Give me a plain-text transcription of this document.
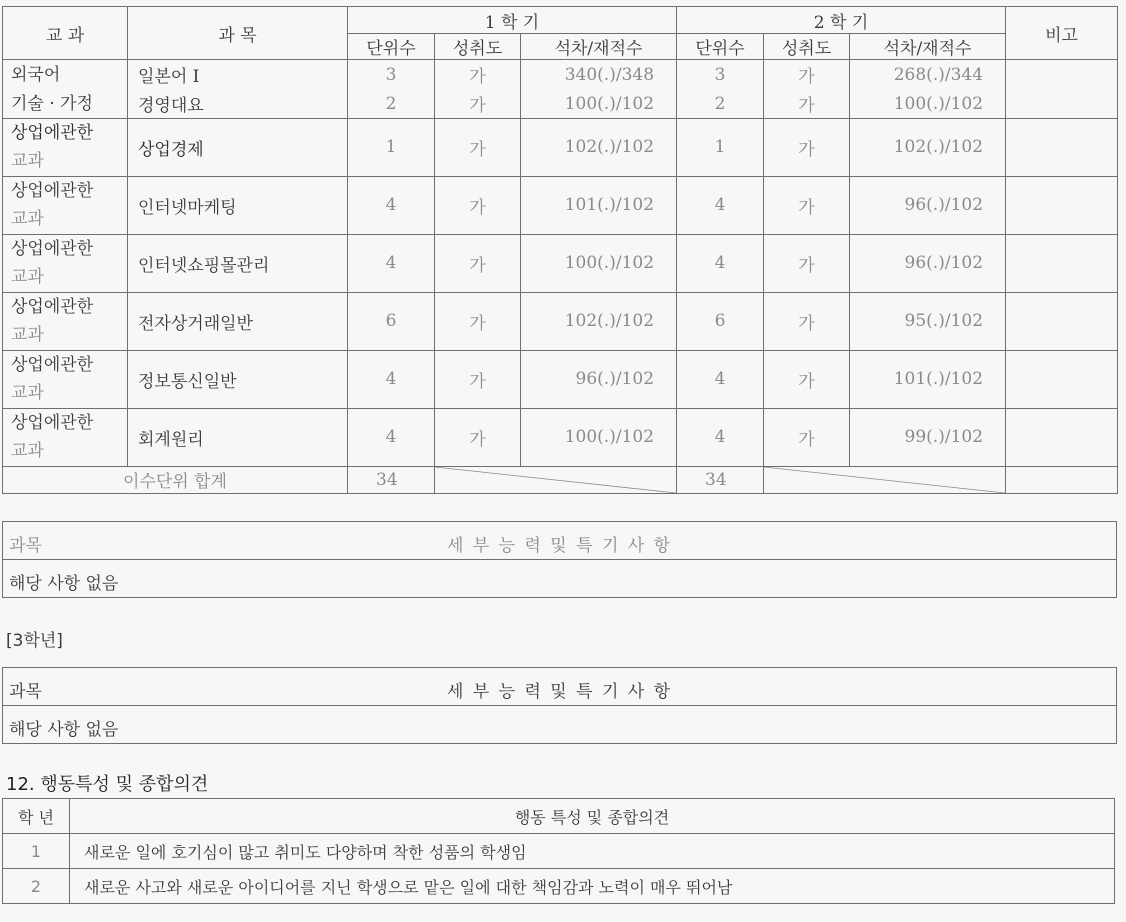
교 과	과 목	1 학 기			2 학 기			비고
		단위수	성취도	석차/재적수	단위수	성취도	석차/재적수	

외국어	일본어 I	3	가	340(.)/348	3	가	268(.)/344	

기술 · 가정	경영대요	2	가	100(.)/102	2	가	100(.)/102	

상업에관한
교과	상업경제	1	가	102(.)/102	1	가	102(.)/102	

상업에관한
교과	인터넷마케팅	4	가	101(.)/102	4	가	96(.)/102	

상업에관한
교과	인터넷쇼핑몰관리	4	가	100(.)/102	4	가	96(.)/102	

상업에관한
교과	전자상거래일반	6	가	102(.)/102	6	가	95(.)/102	

상업에관한
교과	정보통신일반	4	가	96(.)/102	4	가	101(.)/102	

상업에관한
교과	회계원리	4	가	100(.)/102	4	가	99(.)/102	
이수단위 합계		34			34	

과목	세 부 능 력 및 특 기 사 항
해당 사항 없음
[3학년]
과목	세 부 능 력 및 특 기 사 항
해당 사항 없음
12. 행동특성 및 종합의견
학 년	행동 특성 및 종합의견
1	새로운 일에 호기심이 많고 취미도 다양하며 착한 성품의 학생임
2	새로운 사고와 새로운 아이디어를 지닌 학생으로 맡은 일에 대한 책임감과 노력이 매우 뛰어남
